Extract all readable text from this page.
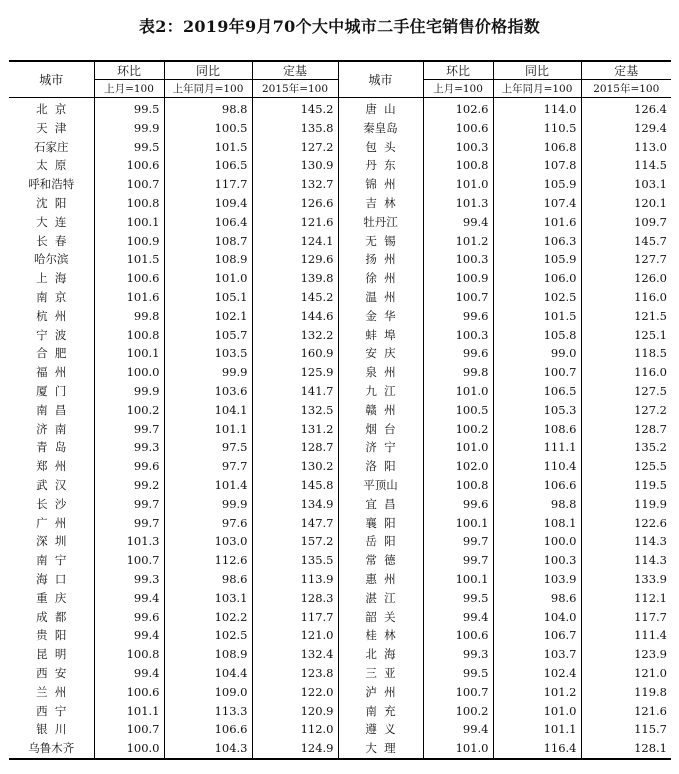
表2：2019年9月70个大中城市二手住宅销售价格指数
城市	环比	同比	定基	城市	环比	同比	定基
	上月=100	上年同月=100	2015年=100		上月=100	上年同月=100	2015年=100
北  京	99.5	98.8	145.2	唐  山	102.6	114.0	126.4
天  津	99.9	100.5	135.8	秦皇岛	100.6	110.5	129.4
石家庄	99.5	101.5	127.2	包  头	100.3	106.8	113.0
太  原	100.6	106.5	130.9	丹  东	100.8	107.8	114.5
呼和浩特	100.7	117.7	132.7	锦  州	101.0	105.9	103.1
沈  阳	100.8	109.4	126.6	吉  林	101.3	107.4	120.1
大  连	100.1	106.4	121.6	牡丹江	99.4	101.6	109.7
长  春	100.9	108.7	124.1	无  锡	101.2	106.3	145.7
哈尔滨	101.5	108.9	129.6	扬  州	100.3	105.9	127.7
上  海	100.6	101.0	139.8	徐  州	100.9	106.0	126.0
南  京	101.6	105.1	145.2	温  州	100.7	102.5	116.0
杭  州	99.8	102.1	144.6	金  华	99.6	101.5	121.5
宁  波	100.8	105.7	132.2	蚌  埠	100.3	105.8	125.1
合  肥	100.1	103.5	160.9	安  庆	99.6	99.0	118.5
福  州	100.0	99.9	125.9	泉  州	99.8	100.7	116.0
厦  门	99.9	103.6	141.7	九  江	101.0	106.5	127.5
南  昌	100.2	104.1	132.5	赣  州	100.5	105.3	127.2
济  南	99.7	101.1	131.2	烟  台	100.2	108.6	128.7
青  岛	99.3	97.5	128.7	济  宁	101.0	111.1	135.2
郑  州	99.6	97.7	130.2	洛  阳	102.0	110.4	125.5
武  汉	99.2	101.4	145.8	平顶山	100.8	106.6	119.5
长  沙	99.7	99.9	134.9	宜  昌	99.6	98.8	119.9
广  州	99.7	97.6	147.7	襄  阳	100.1	108.1	122.6
深  圳	101.3	103.0	157.2	岳  阳	99.7	100.0	114.3
南  宁	100.7	112.6	135.5	常  德	99.7	100.3	114.3
海  口	99.3	98.6	113.9	惠  州	100.1	103.9	133.9
重  庆	99.4	103.1	128.3	湛  江	99.5	98.6	112.1
成  都	99.6	102.2	117.7	韶  关	99.4	104.0	117.7
贵  阳	99.4	102.5	121.0	桂  林	100.6	106.7	111.4
昆  明	100.8	108.9	132.4	北  海	99.3	103.7	123.9
西  安	99.4	104.4	123.8	三  亚	99.5	102.4	121.0
兰  州	100.6	109.0	122.0	泸  州	100.7	101.2	119.8
西  宁	101.1	113.3	120.9	南  充	100.2	101.0	121.6
银  川	100.7	106.6	112.0	遵  义	99.4	101.1	115.7
乌鲁木齐	100.0	104.3	124.9	大  理	101.0	116.4	128.1
